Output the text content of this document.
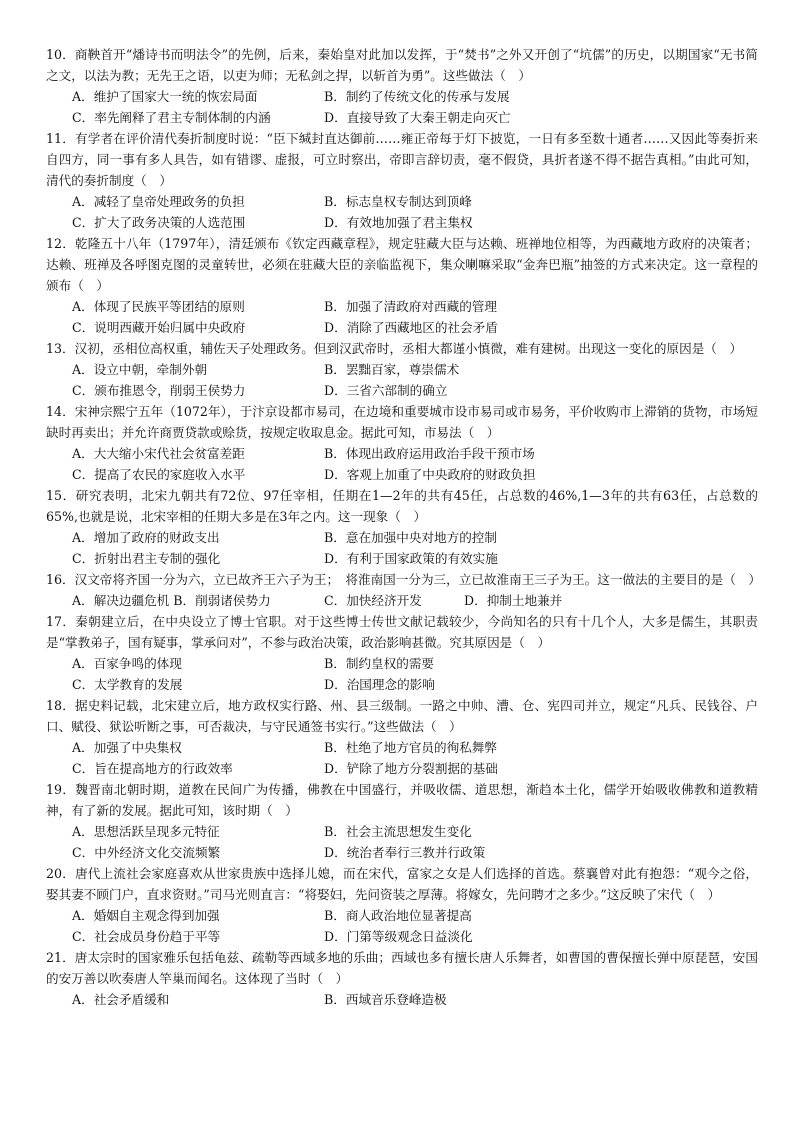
10．商鞅首开“燔诗书而明法令”的先例，后来，秦始皇对此加以发挥，于“焚书”之外又开创了“坑儒”的历史，以期国家“无书简之文，以法为教；无先王之语，以吏为师；无私剑之捍，以斩首为勇”。这些做法（　）

A．维护了国家大一统的恢宏局面	B．制约了传统文化的传承与发展
C．率先阐释了君主专制体制的内涵	D．直接导致了大秦王朝走向灭亡

11．有学者在评价清代奏折制度时说：“臣下缄封直达御前……雍正帝每于灯下披览，一日有多至数十通者……又因此等奏折来自四方，同一事有多人具告，如有错谬、虚报，可立时察出，帝即言辞切责，毫不假贷，具折者遂不得不据告真相。”由此可知，清代的奏折制度（　）

A．减轻了皇帝处理政务的负担	B．标志皇权专制达到顶峰
C．扩大了政务决策的人选范围	D．有效地加强了君主集权

12．乾隆五十八年（1797年），清廷颁布《钦定西藏章程》，规定驻藏大臣与达赖、班禅地位相等，为西藏地方政府的决策者；达赖、班禅及各呼图克图的灵童转世，必须在驻藏大臣的亲临监视下，集众喇嘛采取“金奔巴瓶”抽签的方式来决定。这一章程的颁布（　）

A．体现了民族平等团结的原则	B．加强了清政府对西藏的管理
C．说明西藏开始归属中央政府	D．消除了西藏地区的社会矛盾

13．汉初，丞相位高权重，辅佐天子处理政务。但到汉武帝时，丞相大都谨小慎微，难有建树。出现这一变化的原因是（　）

A．设立中朝，牵制外朝	B．罢黜百家，尊崇儒术
C．颁布推恩令，削弱王侯势力	D．三省六部制的确立

14．宋神宗熙宁五年（1072年），于汴京设都市易司，在边境和重要城市设市易司或市易务，平价收购市上滞销的货物，市场短缺时再卖出；并允许商贾贷款或赊货，按规定收取息金。据此可知，市易法（　）

A．大大缩小宋代社会贫富差距	B．体现出政府运用政治手段干预市场
C．提高了农民的家庭收入水平	D．客观上加重了中央政府的财政负担

15．研究表明，北宋九朝共有72位、97任宰相，任期在1—2年的共有45任，占总数的46%,1—3年的共有63任，占总数的65%,也就是说，北宋宰相的任期大多是在3年之内。这一现象（　）

A．增加了政府的财政支出	B．意在加强中央对地方的控制
C．折射出君主专制的强化	D．有利于国家政策的有效实施

16．汉文帝将齐国一分为六，立已故齐王六子为王；　将淮南国一分为三，立已故淮南王三子为王。这一做法的主要目的是（　）

A．解决边疆危机 B．削弱诸侯势力	C．加快经济开发	D．抑制土地兼并

17．秦朝建立后，在中央设立了博士官职。对于这些博士传世文献记载较少，今尚知名的只有十几个人，大多是儒生，其职责是“掌教弟子，国有疑事，掌承问对”，不参与政治决策，政治影响甚微。究其原因是（　）

A．百家争鸣的体现	B．制约皇权的需要
C．太学教育的发展	D．治国理念的影响

18．据史料记载，北宋建立后，地方政权实行路、州、县三级制。一路之中帅、漕、仓、宪四司并立，规定“凡兵、民钱谷、户口、赋役、狱讼听断之事，可否裁决，与守民通签书实行。”这些做法（　）

A．加强了中央集权	B．杜绝了地方官员的徇私舞弊
C．旨在提高地方的行政效率	D．铲除了地方分裂割据的基础

19．魏晋南北朝时期，道教在民间广为传播，佛教在中国盛行，并吸收儒、道思想，渐趋本土化，儒学开始吸收佛教和道教精神，有了新的发展。据此可知，该时期（　）

A．思想活跃呈现多元特征	B．社会主流思想发生变化
C．中外经济文化交流频繁	D．统治者奉行三教并行政策

20．唐代上流社会家庭喜欢从世家贵族中选择儿媳，而在宋代，富家之女是人们选择的首选。蔡襄曾对此有抱怨：“观今之俗，娶其妻不顾门户，直求资财。”司马光则直言：“将娶妇，先问资装之厚薄。将嫁女，先问聘才之多少。”这反映了宋代（　）

A．婚姻自主观念得到加强	B．商人政治地位显著提高
C．社会成员身份趋于平等	D．门第等级观念日益淡化

21．唐太宗时的国家雅乐包括龟兹、疏勒等西域多地的乐曲；西域也多有擅长唐人乐舞者，如曹国的曹保擅长弹中原琵琶，安国的安万善以吹奏唐人竿巢而闻名。这体现了当时（　）

A．社会矛盾缓和	B．西域音乐登峰造极
